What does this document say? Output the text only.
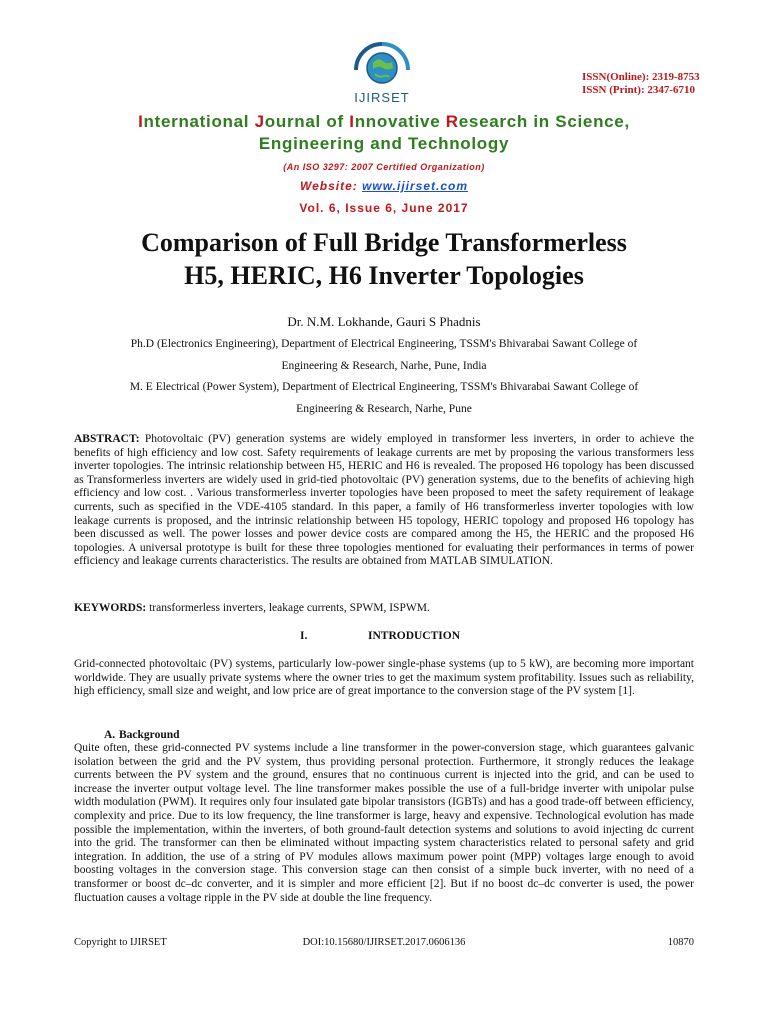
IJIRSET
ISSN(Online): 2319-8753
ISSN (Print): 2347-6710
International Journal of Innovative Research in Science,
Engineering and Technology
(An ISO 3297: 2007 Certified Organization)
Website: www.ijirset.com
Vol. 6, Issue 6, June 2017
Comparison of Full Bridge Transformerless
H5, HERIC, H6 Inverter Topologies
Dr. N.M. Lokhande, Gauri S Phadnis
Ph.D (Electronics Engineering), Department of Electrical Engineering, TSSM's Bhivarabai Sawant College of
Engineering & Research, Narhe, Pune, India
M. E Electrical (Power System), Department of Electrical Engineering, TSSM's Bhivarabai Sawant College of
Engineering & Research, Narhe, Pune
ABSTRACT: Photovoltaic (PV) generation systems are widely employed in transformer less inverters, in order to achieve the benefits of high efficiency and low cost. Safety requirements of leakage currents are met by proposing the various transformers less inverter topologies. The intrinsic relationship between H5, HERIC and H6 is revealed. The proposed H6 topology has been discussed as Transformerless inverters are widely used in grid-tied photovoltaic (PV) generation systems, due to the benefits of achieving high efficiency and low cost. . Various transformerless inverter topologies have been proposed to meet the safety requirement of leakage currents, such as specified in the VDE-4105 standard. In this paper, a family of H6 transformerless inverter topologies with low leakage currents is proposed, and the intrinsic relationship between H5 topology, HERIC topology and proposed H6 topology has been discussed as well. The power losses and power device costs are compared among the H5, the HERIC and the proposed H6 topologies. A universal prototype is built for these three topologies mentioned for evaluating their performances in terms of power efficiency and leakage currents characteristics. The results are obtained from MATLAB SIMULATION.
KEYWORDS: transformerless inverters, leakage currents, SPWM, ISPWM.
I.	INTRODUCTION
Grid-connected photovoltaic (PV) systems, particularly low-power single-phase systems (up to 5 kW), are becoming more important worldwide. They are usually private systems where the owner tries to get the maximum system profitability. Issues such as reliability, high efficiency, small size and weight, and low price are of great importance to the conversion stage of the PV system [1].
A. Background
Quite often, these grid-connected PV systems include a line transformer in the power-conversion stage, which guarantees galvanic isolation between the grid and the PV system, thus providing personal protection. Furthermore, it strongly reduces the leakage currents between the PV system and the ground, ensures that no continuous current is injected into the grid, and can be used to increase the inverter output voltage level. The line transformer makes possible the use of a full-bridge inverter with unipolar pulse width modulation (PWM). It requires only four insulated gate bipolar transistors (IGBTs) and has a good trade-off between efficiency, complexity and price. Due to its low frequency, the line transformer is large, heavy and expensive. Technological evolution has made possible the implementation, within the inverters, of both ground-fault detection systems and solutions to avoid injecting dc current into the grid. The transformer can then be eliminated without impacting system characteristics related to personal safety and grid integration. In addition, the use of a string of PV modules allows maximum power point (MPP) voltages large enough to avoid boosting voltages in the conversion stage. This conversion stage can then consist of a simple buck inverter, with no need of a transformer or boost dc–dc converter, and it is simpler and more efficient [2]. But if no boost dc–dc converter is used, the power fluctuation causes a voltage ripple in the PV side at double the line frequency.
Copyright to IJIRSET	DOI:10.15680/IJIRSET.2017.0606136	10870
